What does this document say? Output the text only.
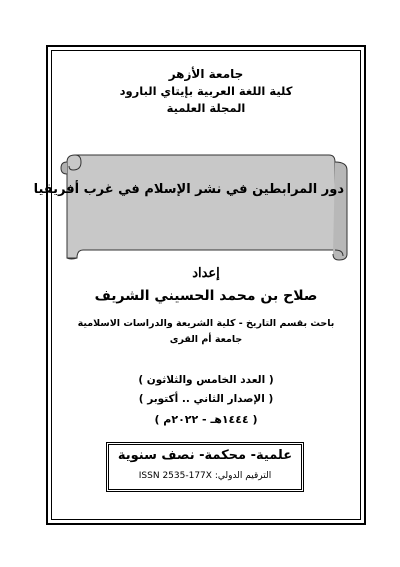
جامعة الأزهر
كلية اللغة العربية بإيتاي البارود
المجلة العلمية
دور المرابطين في نشر الإسلام في غرب أفريقيا
إعداد
صلاح بن محمد الحسيني الشريف
باحث بقسم التاريخ - كلية الشريعة والدراسات الاسلامية
جامعة أم القرى
( العدد الخامس والثلاثون )
( الإصدار الثاني .. أكتوبر )
( ١٤٤٤هـ - ٢٠٢٢م )
علمية- محكمة- نصف سنوية
ISSN 2535-177X الترقيم الدولي:
